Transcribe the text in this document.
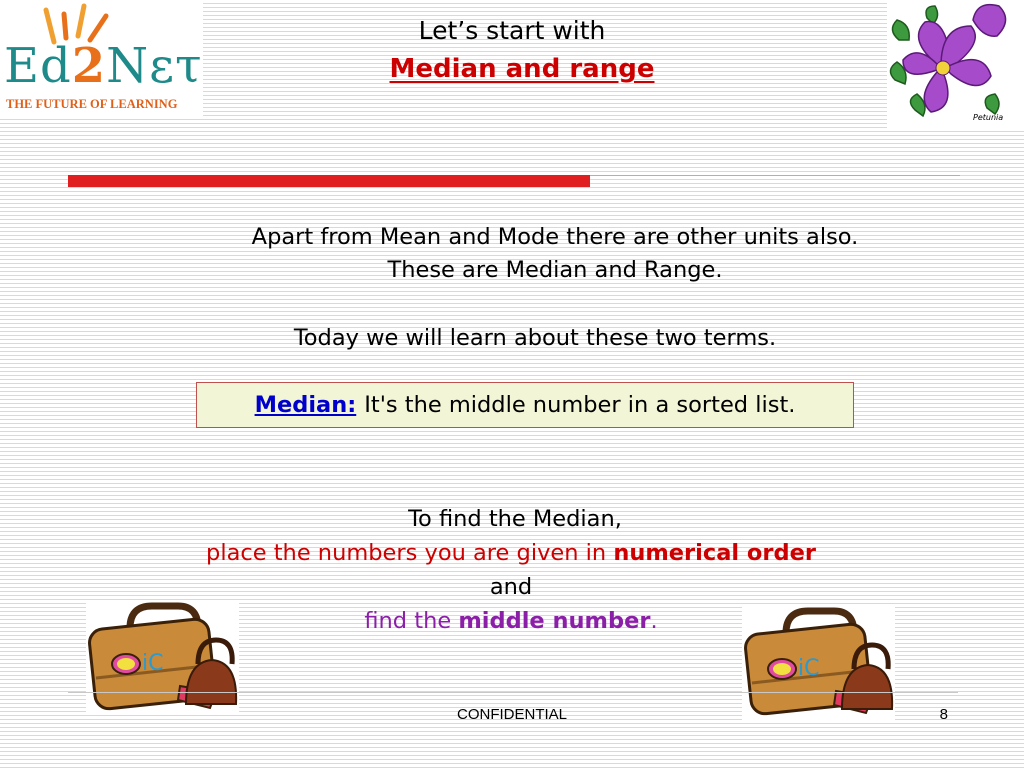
Ed2Nετ
THE FUTURE OF LEARNING
Let’s start with
Median and range
Petunia
Apart from Mean and Mode there are other units also.
These are Median and Range.
Today we will learn about these two terms.
Median: It's the middle number in a sorted list.
To find the Median,
place the numbers you are given in numerical order
and
find the middle number.
iC	iC
CONFIDENTIAL	8
